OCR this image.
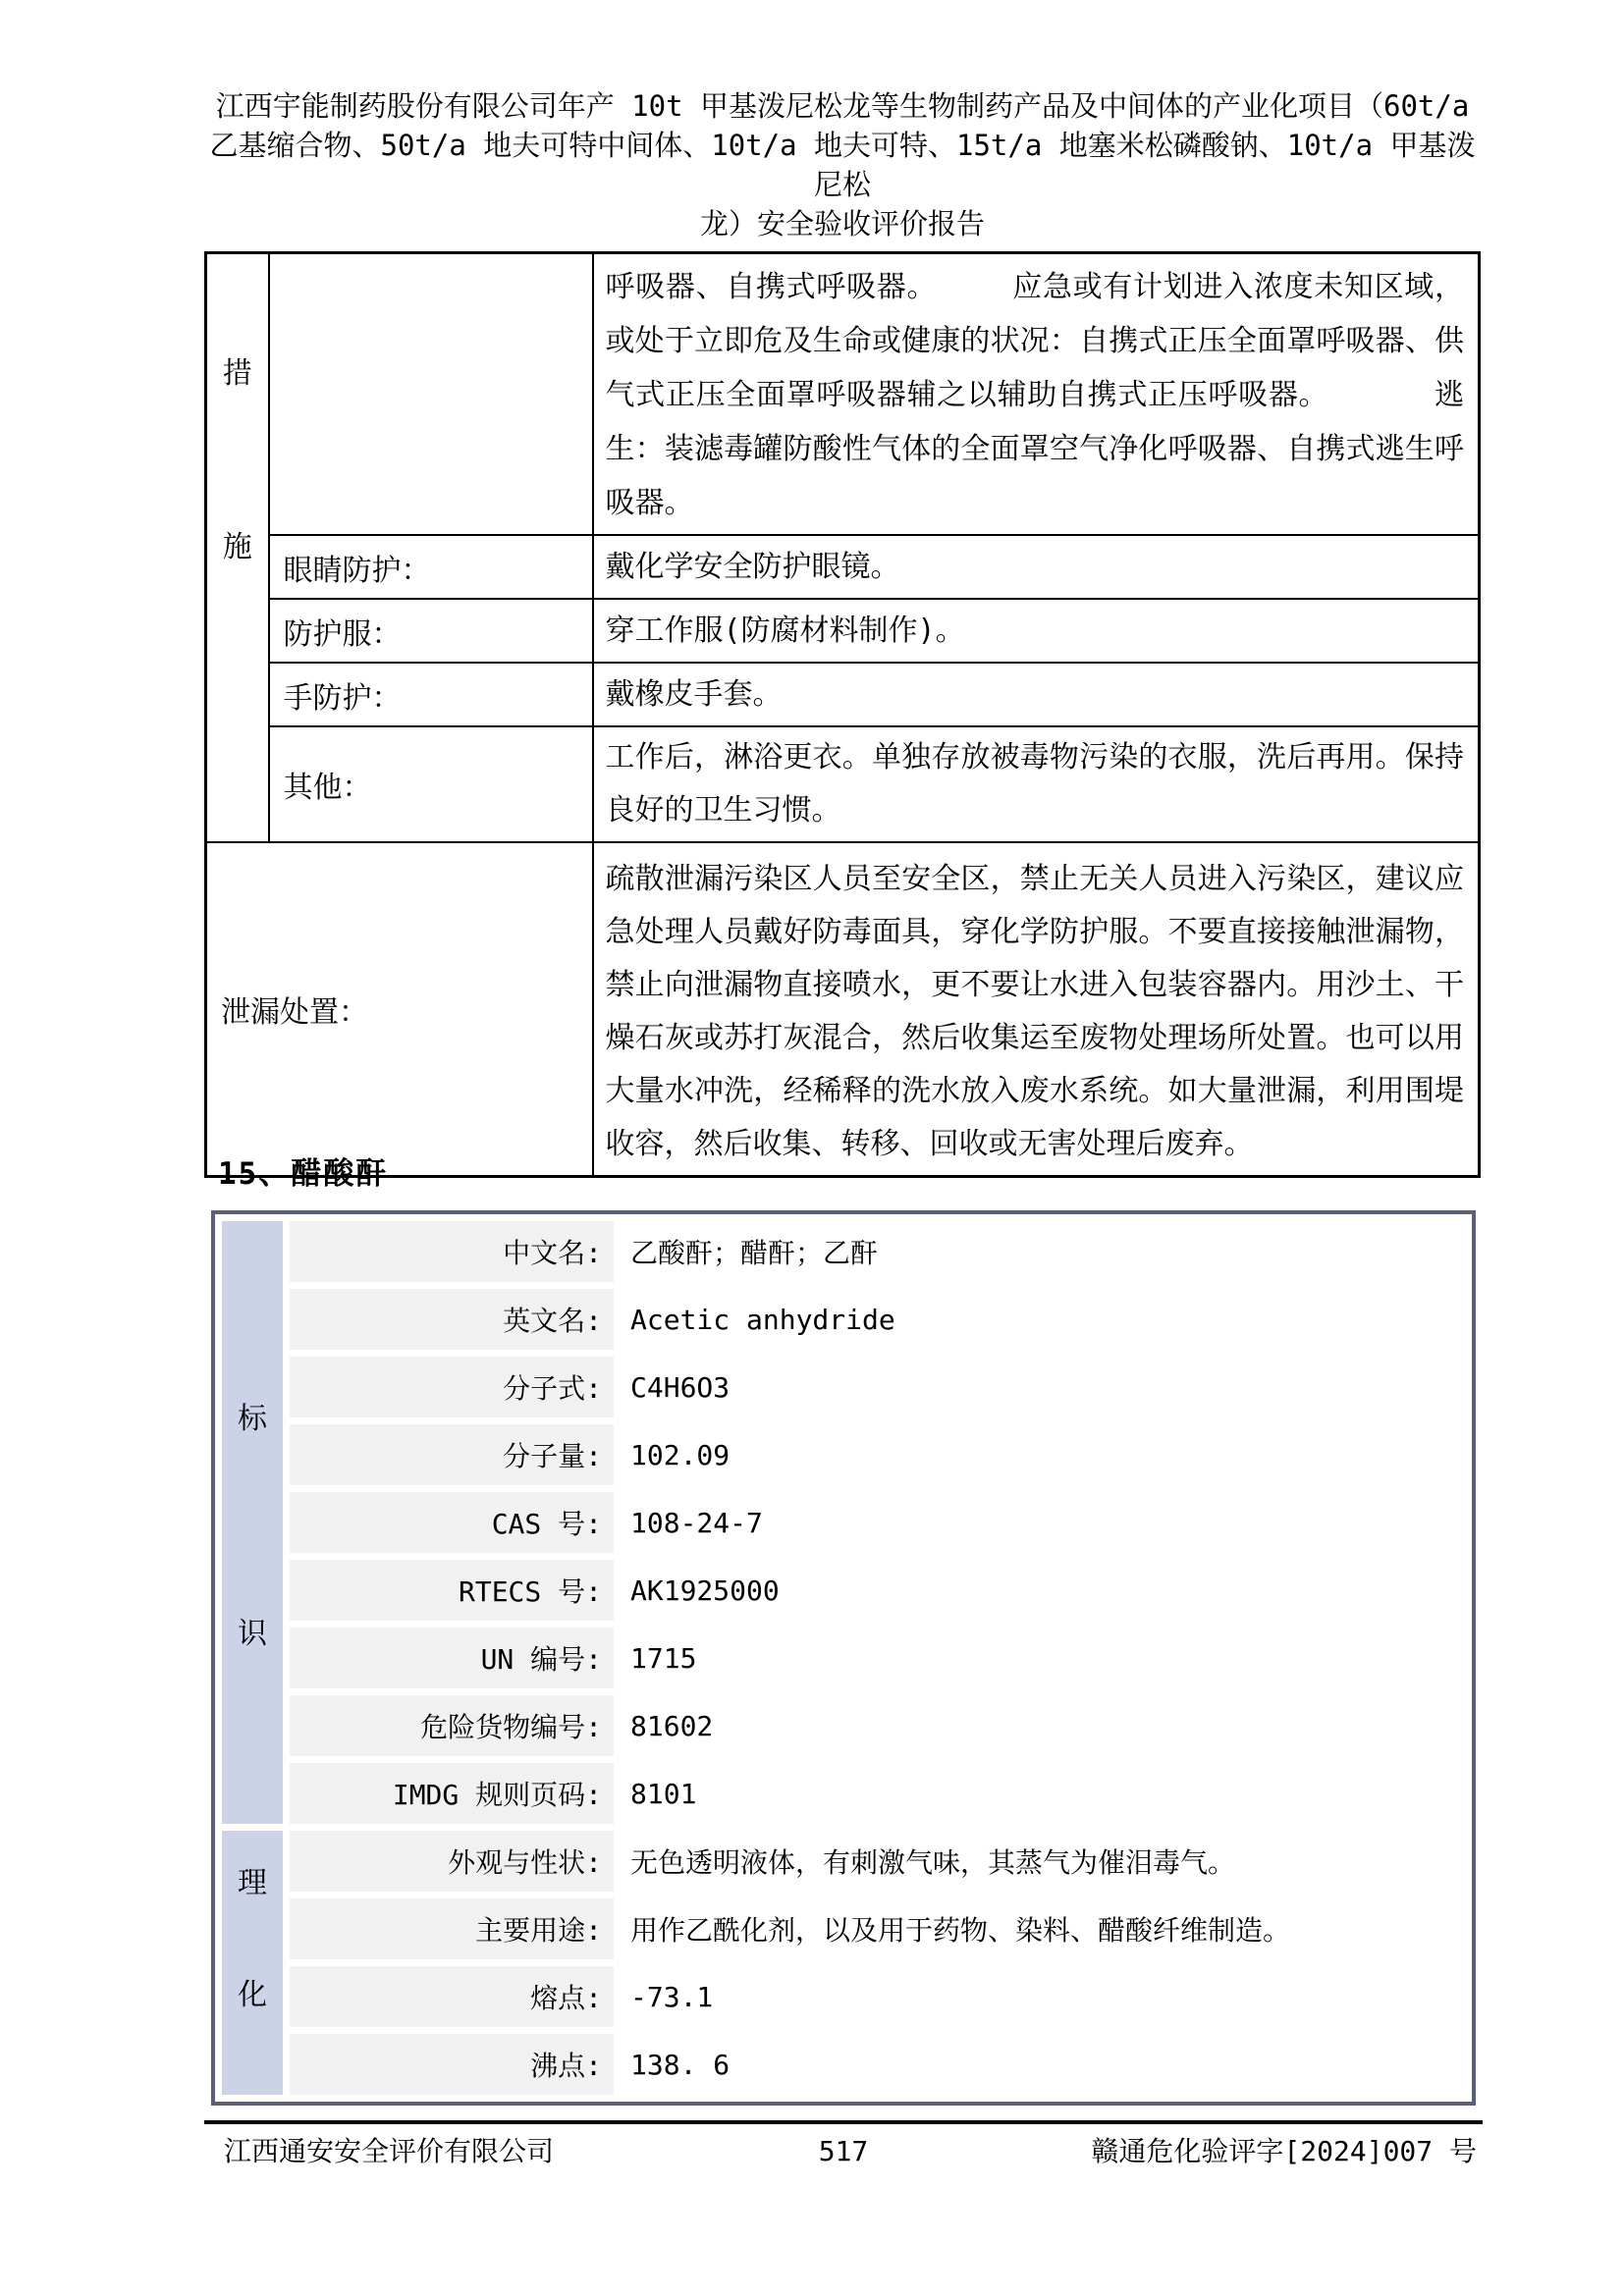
江西宇能制药股份有限公司年产 10t 甲基泼尼松龙等生物制药产品及中间体的产业化项目（60t/a
乙基缩合物、50t/a 地夫可特中间体、10t/a 地夫可特、15t/a 地塞米松磷酸钠、10t/a 甲基泼尼松
龙）安全验收评价报告
措
施		呼吸器、自携式呼吸器。　　　应急或有计划进入浓度未知区域，或处于立即危及生命或健康的状况：自携式正压全面罩呼吸器、供气式正压全面罩呼吸器辅之以辅助自携式正压呼吸器。　　　　逃生：装滤毒罐防酸性气体的全面罩空气净化呼吸器、自携式逃生呼吸器。
	眼睛防护：	戴化学安全防护眼镜。
	防护服：	穿工作服(防腐材料制作)。
	手防护：	戴橡皮手套。
	其他：	工作后，淋浴更衣。单独存放被毒物污染的衣服，洗后再用。保持良好的卫生习惯。
泄漏处置：		疏散泄漏污染区人员至安全区，禁止无关人员进入污染区，建议应急处理人员戴好防毒面具，穿化学防护服。不要直接接触泄漏物，禁止向泄漏物直接喷水，更不要让水进入包装容器内。用沙土、干燥石灰或苏打灰混合，然后收集运至废物处理场所处置。也可以用大量水冲洗，经稀释的洗水放入废水系统。如大量泄漏，利用围堤收容，然后收集、转移、回收或无害处理后废弃。
15、醋酸酐
标
识	中文名:	乙酸酐；醋酐；乙酐
	英文名:	Acetic anhydride
	分子式:	C4H6O3
	分子量:	102.09
	CAS 号:	108-24-7
	RTECS 号:	AK1925000
	UN 编号:	1715
	危险货物编号:	81602
	IMDG 规则页码:	8101

理
化	外观与性状:	无色透明液体，有刺激气味，其蒸气为催泪毒气。
	主要用途:	用作乙酰化剂，以及用于药物、染料、醋酸纤维制造。
	熔点:	-73.1
	沸点:	138. 6
517
江西通安安全评价有限公司	赣通危化验评字[2024]007 号
